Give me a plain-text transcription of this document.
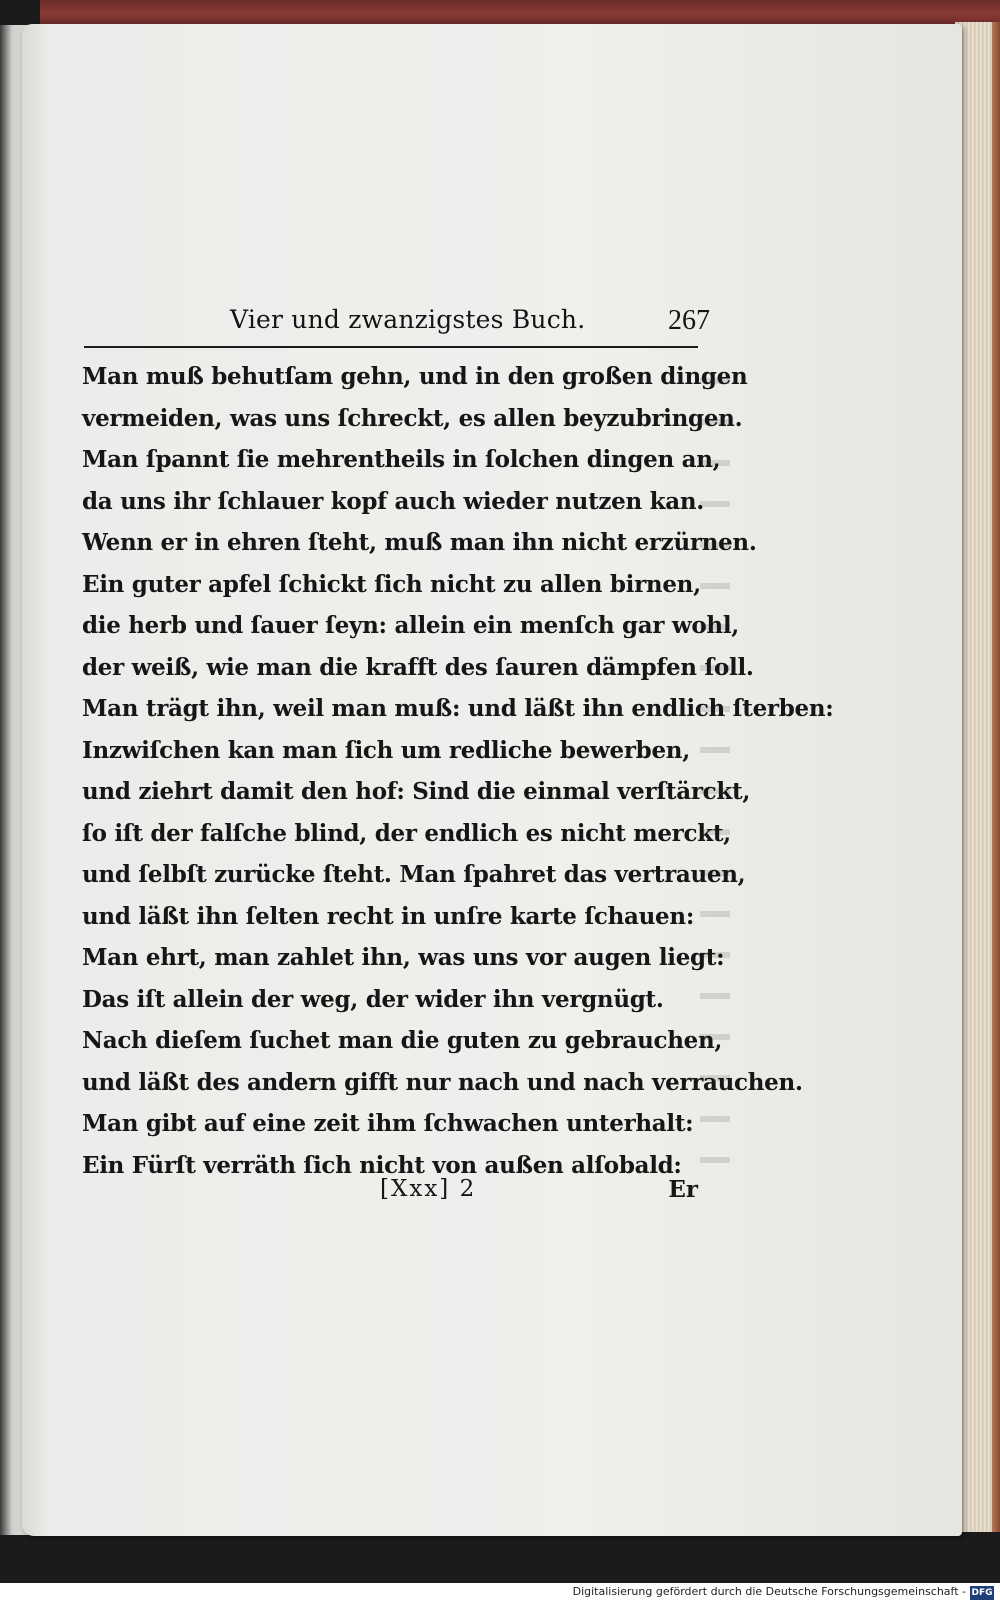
Vier und zwanzigstes Buch.	267
Man muß behutſam gehn, und in den großen dingen
vermeiden, was uns ſchreckt, es allen beyzubringen.
Man ſpannt ſie mehrentheils in ſolchen dingen an,
da uns ihr ſchlauer kopf auch wieder nutzen kan.
Wenn er in ehren ſteht, muß man ihn nicht erzürnen.
Ein guter apfel ſchickt ſich nicht zu allen birnen,
die herb und ſauer ſeyn: allein ein menſch gar wohl,
der weiß, wie man die krafft des ſauren dämpfen ſoll.
Man trägt ihn, weil man muß: und läßt ihn endlich ſterben:
Inzwiſchen kan man ſich um redliche bewerben,
und ziehrt damit den hof: Sind die einmal verſtärckt,
ſo iſt der falſche blind, der endlich es nicht merckt,
und ſelbſt zurücke ſteht. Man ſpahret das vertrauen,
und läßt ihn ſelten recht in unſre karte ſchauen:
Man ehrt, man zahlet ihn, was uns vor augen liegt:
Das iſt allein der weg, der wider ihn vergnügt.
Nach dieſem ſuchet man die guten zu gebrauchen,
und läßt des andern gifft nur nach und nach verrauchen.
Man gibt auf eine zeit ihm ſchwachen unterhalt:
Ein Fürſt verräth ſich nicht von außen alſobald:
[Xxx] 2	Er
Digitalisierung gefördert durch die Deutsche Forschungsgemeinschaft - DFG
